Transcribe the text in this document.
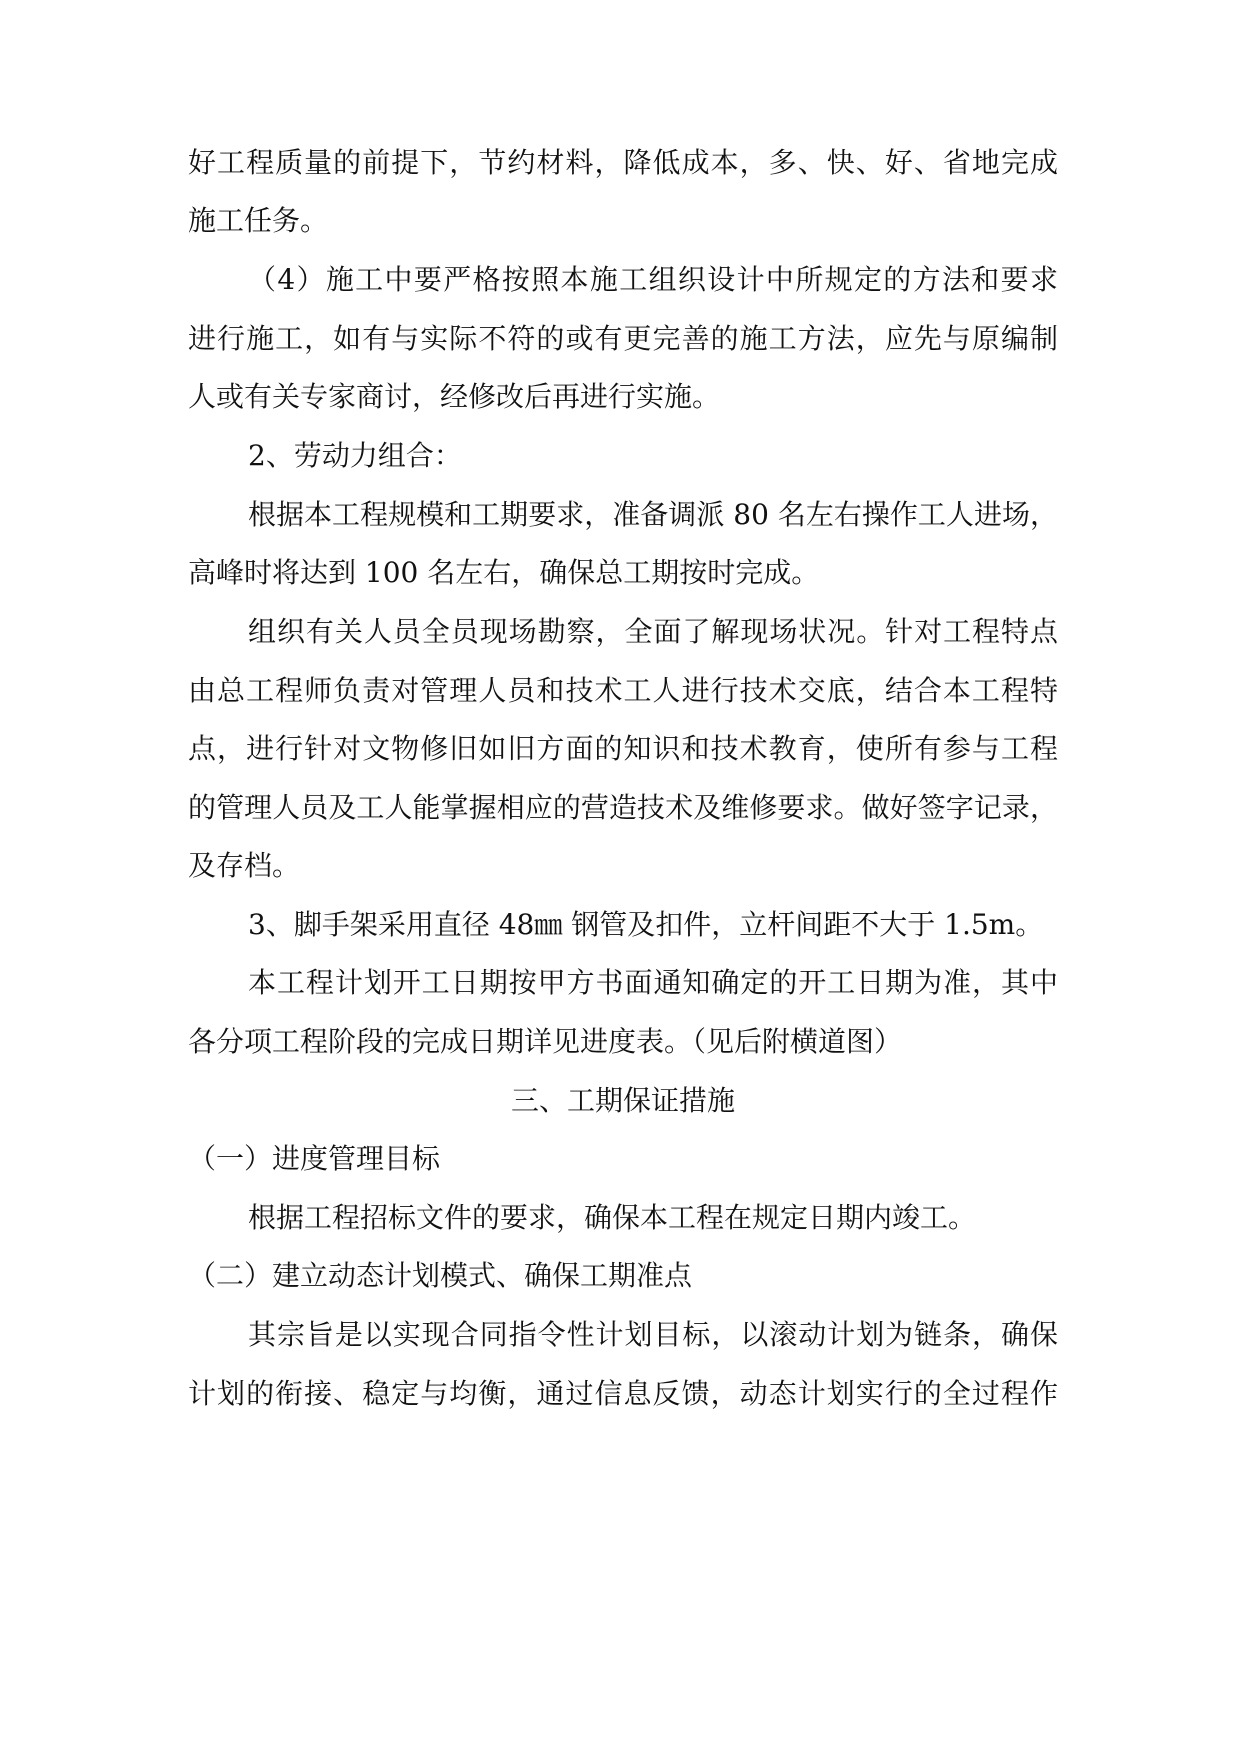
好工程质量的前提下，节约材料，降低成本，多、快、好、省地完成

施工任务。

（4）施工中要严格按照本施工组织设计中所规定的方法和要求

进行施工，如有与实际不符的或有更完善的施工方法，应先与原编制

人或有关专家商讨，经修改后再进行实施。

2、劳动力组合：

根据本工程规模和工期要求，准备调派 80 名左右操作工人进场，

高峰时将达到 100 名左右，确保总工期按时完成。

组织有关人员全员现场勘察，全面了解现场状况。针对工程特点

由总工程师负责对管理人员和技术工人进行技术交底，结合本工程特

点，进行针对文物修旧如旧方面的知识和技术教育，使所有参与工程

的管理人员及工人能掌握相应的营造技术及维修要求。做好签字记录，

及存档。

3、脚手架采用直径 48㎜ 钢管及扣件，立杆间距不大于 1.5m。

本工程计划开工日期按甲方书面通知确定的开工日期为准，其中

各分项工程阶段的完成日期详见进度表。（见后附横道图）

三、工期保证措施

（一）进度管理目标

根据工程招标文件的要求，确保本工程在规定日期内竣工。

（二）建立动态计划模式、确保工期准点

其宗旨是以实现合同指令性计划目标，以滚动计划为链条，确保

计划的衔接、稳定与均衡，通过信息反馈，动态计划实行的全过程作
